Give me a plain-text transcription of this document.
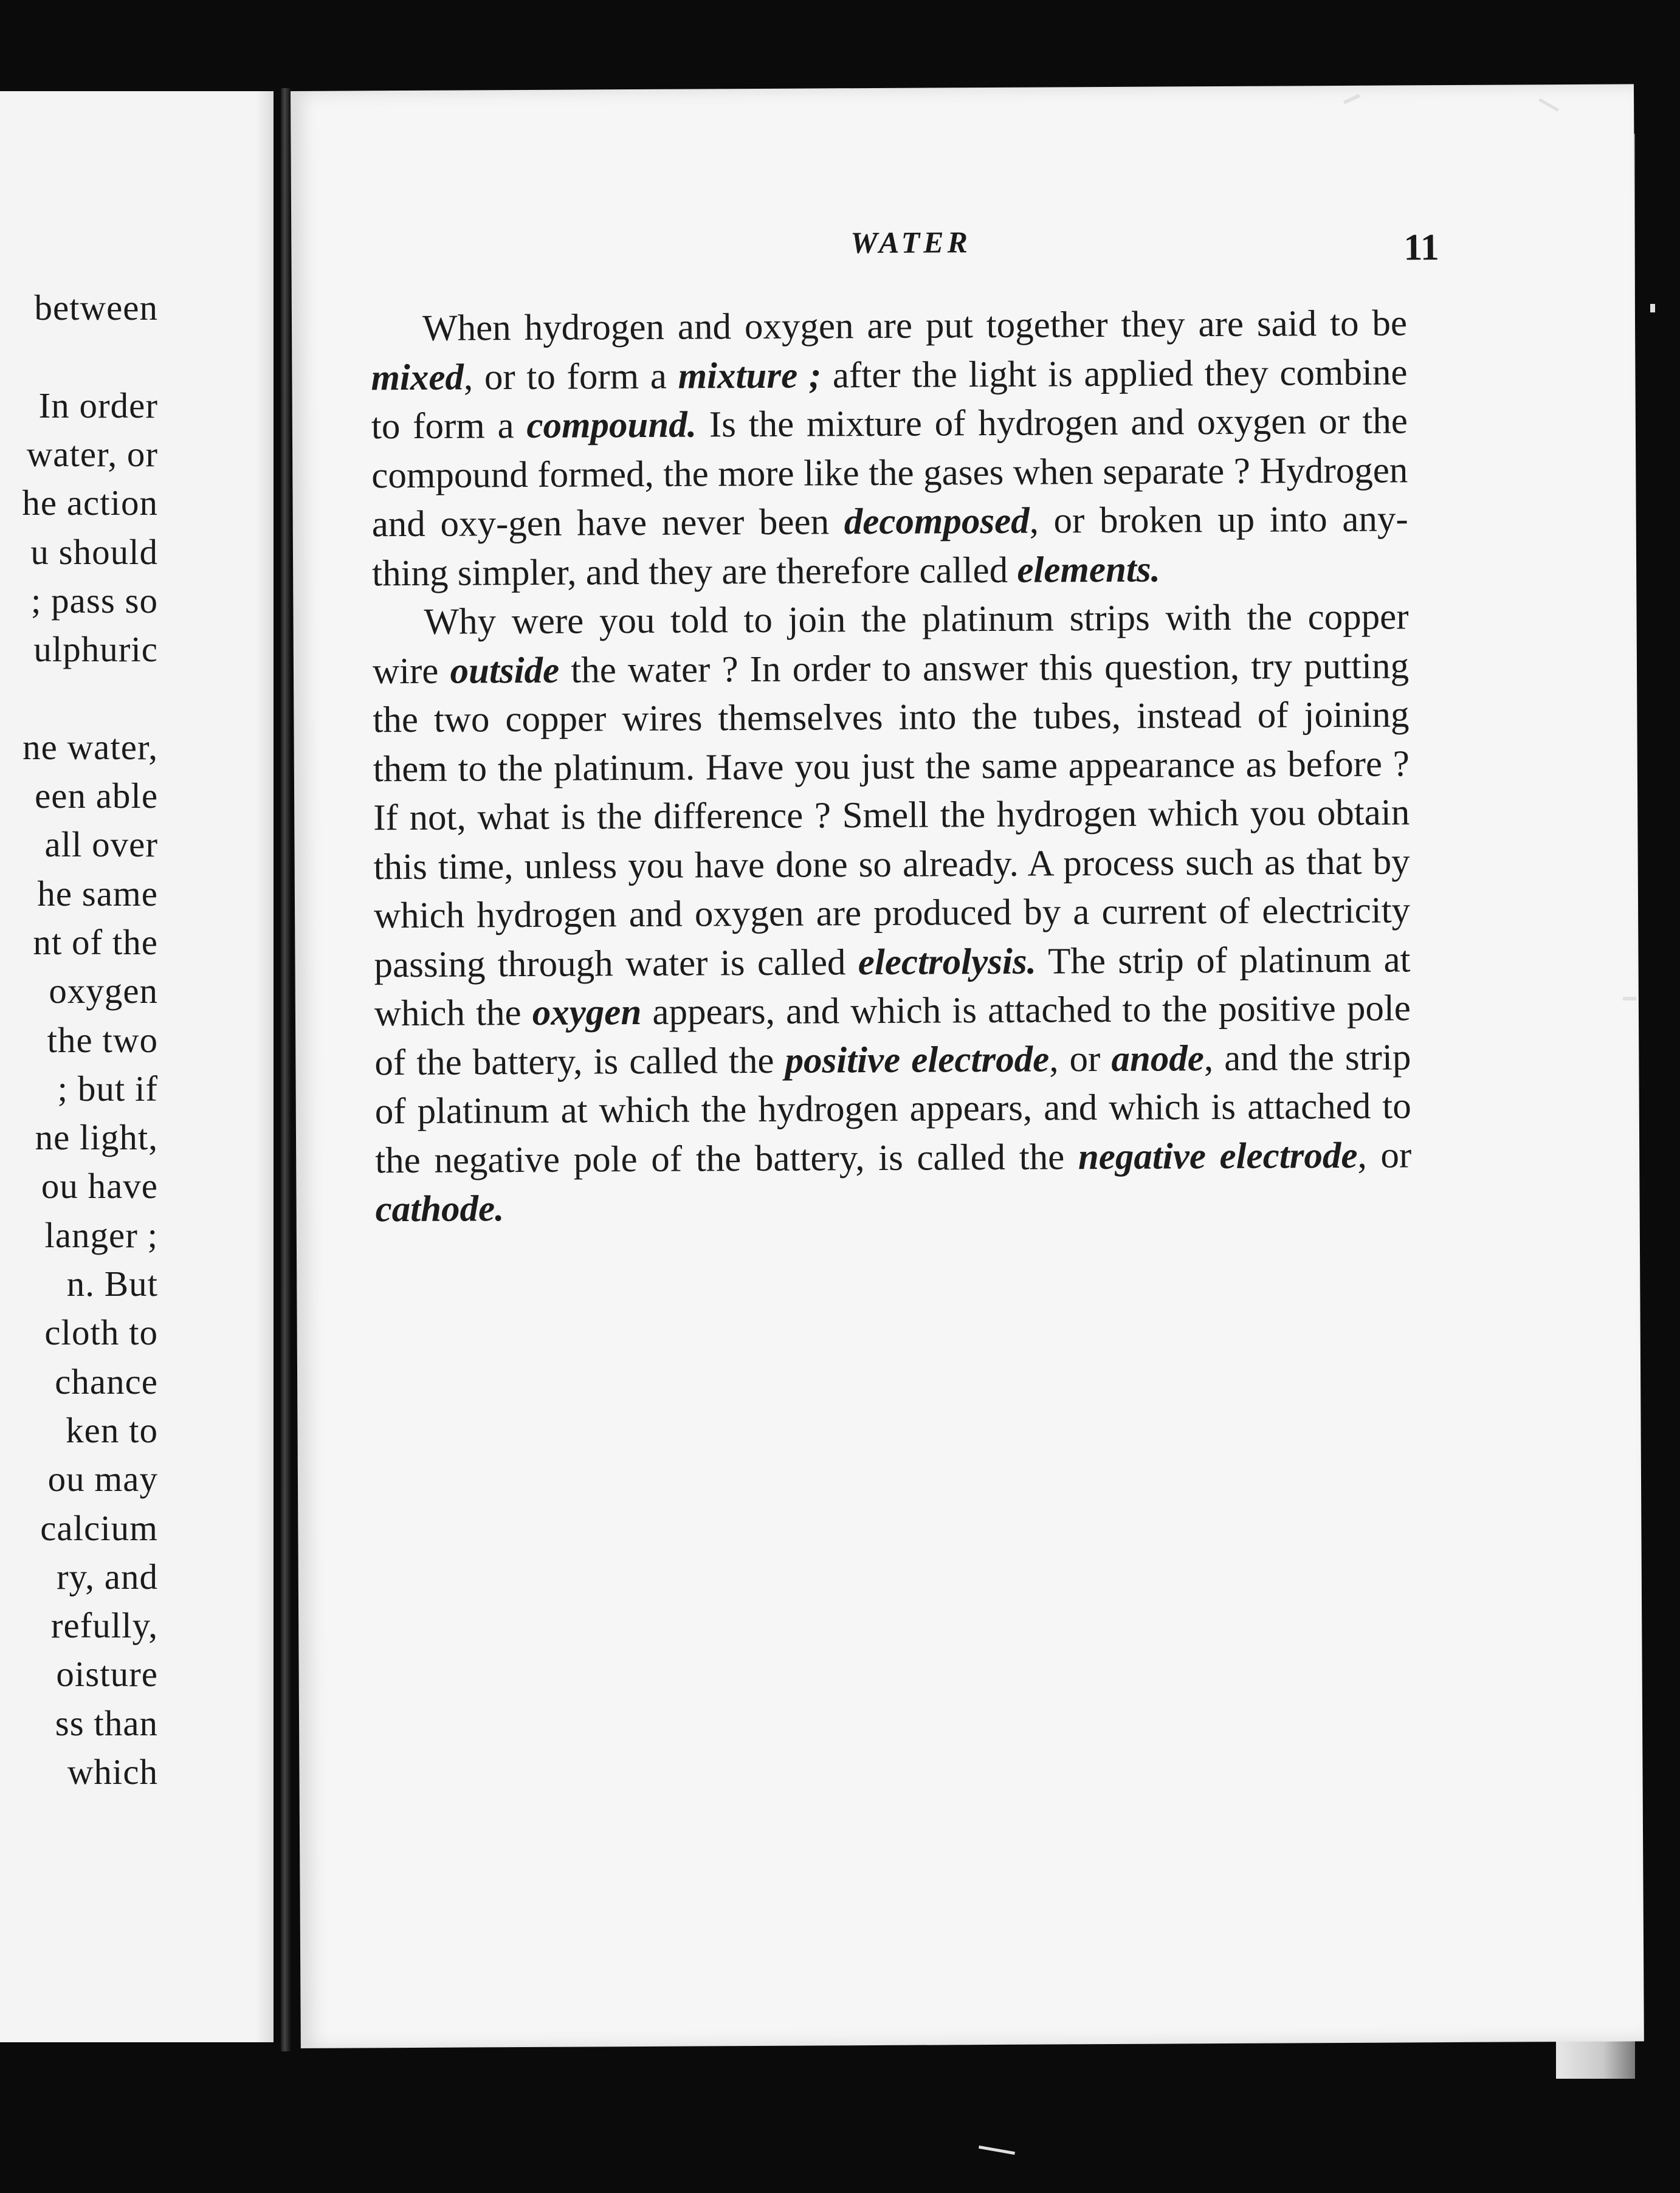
between
In order
water, or
he action
u should
; pass so
ulphuric
ne water,
een able
all over
he same
nt of the
oxygen
the two
; but if
ne light,
ou have
langer ;
n. But
cloth to
chance
ken to
ou may
calcium
ry, and
refully,
oisture
ss than
which
WATER	11

When hydrogen and oxygen are put together they are said to be mixed, or to form a mixture ; after the light is applied they combine to form a compound. Is the mixture of hydrogen and oxygen or the compound formed, the more like the gases when separate ? Hydrogen and oxy-gen have never been decomposed, or broken up into any-thing simpler, and they are therefore called elements.

Why were you told to join the platinum strips with the copper wire outside the water ? In order to answer this question, try putting the two copper wires themselves into the tubes, instead of joining them to the platinum. Have you just the same appearance as before ? If not, what is the difference ? Smell the hydrogen which you obtain this time, unless you have done so already. A process such as that by which hydrogen and oxygen are produced by a current of electricity passing through water is called electrolysis. The strip of platinum at which the oxygen appears, and which is attached to the positive pole of the battery, is called the positive electrode, or anode, and the strip of platinum at which the hydrogen appears, and which is attached to the negative pole of the battery, is called the negative electrode, or cathode.
